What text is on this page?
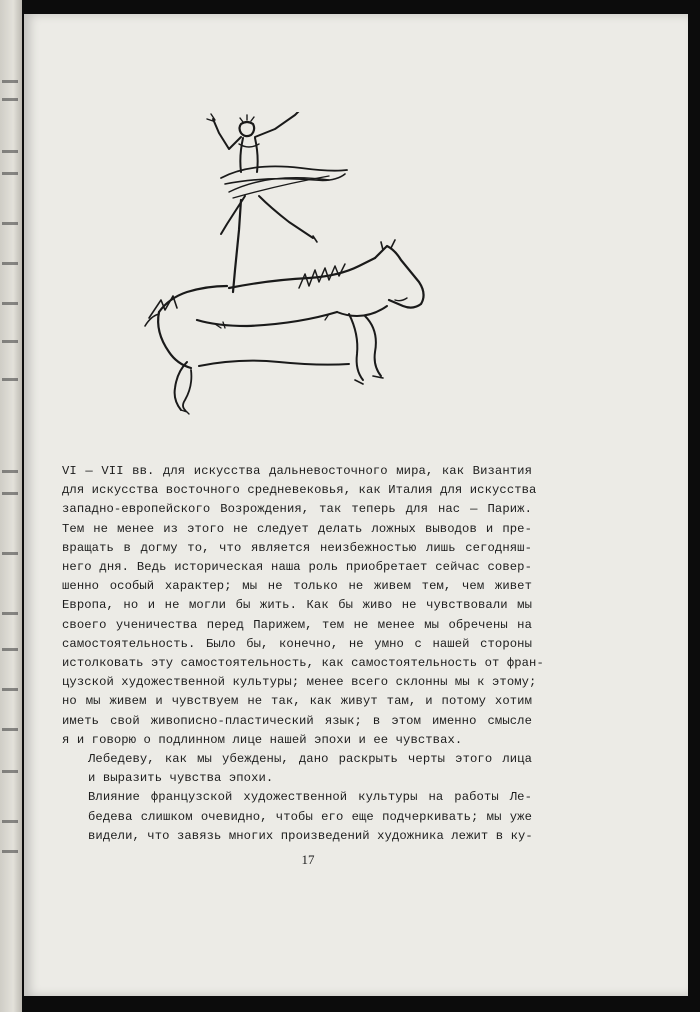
VI — VII вв. для искусства дальневосточного мира, как Византия
для искусства восточного средневековья, как Италия для искусства
западно-европейского Возрождения, так теперь для нас — Париж.
Тем не менее из этого не следует делать ложных выводов и пре-
вращать в догму то, что является неизбежностью лишь сегодняш-
него дня. Ведь историческая наша роль приобретает сейчас совер-
шенно особый характер; мы не только не живем тем, чем живет
Европа, но и не могли бы жить. Как бы живо не чувствовали мы
своего ученичества перед Парижем, тем не менее мы обречены на
самостоятельность. Было бы, конечно, не умно с нашей стороны
истолковать эту самостоятельность, как самостоятельность от фран-
цузской художественной культуры; менее всего склонны мы к этому;
но мы живем и чувствуем не так, как живут там, и потому хотим
иметь свой живописно-пластический язык; в этом именно смысле
я и говорю о подлинном лице нашей эпохи и ее чувствах.

Лебедеву, как мы убеждены, дано раскрыть черты этого лица
и выразить чувства эпохи.

Влияние французской художественной культуры на работы Ле-
бедева слишком очевидно, чтобы его еще подчеркивать; мы уже
видели, что завязь многих произведений художника лежит в ку-

17
